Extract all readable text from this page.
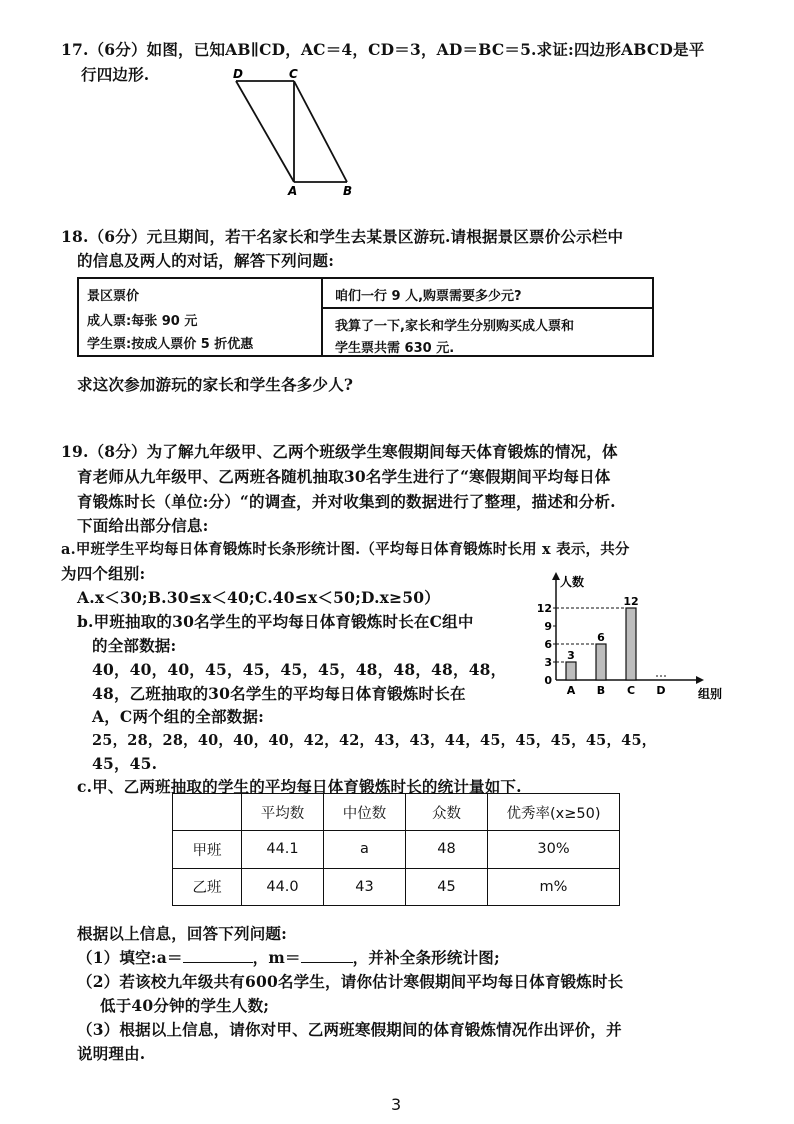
17.（6分）如图，已知AB∥CD，AC＝4，CD＝3，AD＝BC＝5.求证:四边形ABCD是平
行四边形.	D	C
A	B
18.（6分）元旦期间，若干名家长和学生去某景区游玩.请根据景区票价公示栏中
的信息及两人的对话，解答下列问题:
景区票价
成人票:每张 90 元
学生票:按成人票价 5 折优惠
咱们一行 9 人,购票需要多少元?
我算了一下,家长和学生分别购买成人票和
学生票共需 630 元.
求这次参加游玩的家长和学生各多少人?
19.（8分）为了解九年级甲、乙两个班级学生寒假期间每天体育锻炼的情况，体
育老师从九年级甲、乙两班各随机抽取30名学生进行了“寒假期间平均每日体
育锻炼时长（单位:分）“的调查，并对收集到的数据进行了整理，描述和分析.
下面给出部分信息:
a.甲班学生平均每日体育锻炼时长条形统计图.（平均每日体育锻炼时长用 x 表示，共分
为四个组别:
A.x＜30;B.30≤x＜40;C.40≤x＜50;D.x≥50）
b.甲班抽取的30名学生的平均每日体育锻炼时长在C组中
的全部数据:
40，40，40，45，45，45，45，48，48，48，48，
48，乙班抽取的30名学生的平均每日体育锻炼时长在
A，C两个组的全部数据:
25，28，28，40，40，40，42，42，43，43，44，45，45，45，45，45，
45，45.
人数
组别
0
3
6
9
12
3
A
6
B
12
C D
c.甲、乙两班抽取的学生的平均每日体育锻炼时长的统计量如下.
	平均数	中位数	众数	优秀率(x≥50)
甲班	44.1	a	48	30%
乙班	44.0	43	45	m%
根据以上信息，回答下列问题:
（1）填空:a＝	，m＝	，并补全条形统计图;
（2）若该校九年级共有600名学生，请你估计寒假期间平均每日体育锻炼时长
低于40分钟的学生人数;
（3）根据以上信息，请你对甲、乙两班寒假期间的体育锻炼情况作出评价，并
说明理由.
3
